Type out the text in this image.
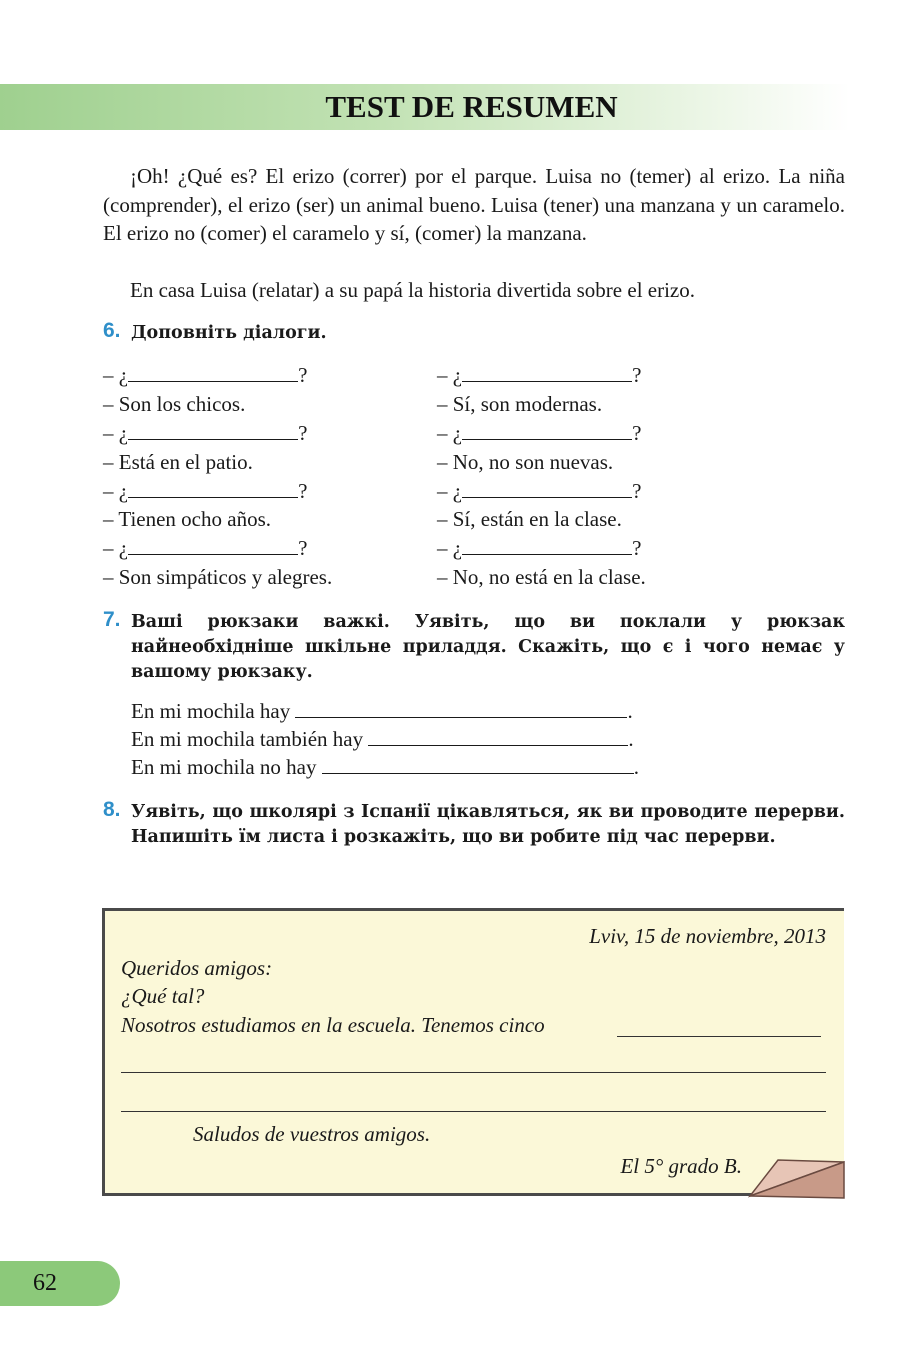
TEST DE RESUMEN

¡Oh! ¿Qué es? El erizo (correr) por el parque. Luisa no (temer) al erizo. La niña (comprender), el erizo (ser) un animal bueno. Luisa (tener) una manzana y un caramelo. El erizo no (comer) el caramelo y sí, (comer) la manzana.

En casa Luisa (relatar) a su papá la historia divertida sobre el erizo.

6. Доповніть діалоги.
– ¿	?
– Son los chicos.
– ¿	?
– Está en el patio.
– ¿	?
– Tienen ocho años.
– ¿	?
– Son simpáticos y alegres.
– ¿	?
– Sí, son modernas.
– ¿	?
– No, no son nuevas.
– ¿	?
– Sí, están en la clase.
– ¿	?
– No, no está en la clase.
7. Ваші рюкзаки важкі. Уявіть, що ви поклали у рюкзак найнеобхідніше шкільне приладдя. Скажіть, що є і чого немає у вашому рюкзаку.
En mi mochila hay	.
En mi mochila también hay	.
En mi mochila no hay	.
8. Уявіть, що школярі з Іспанії цікавляться, як ви проводите перерви. Напишіть їм листа і розкажіть, що ви робите під час перерви.
Lviv, 15 de noviembre, 2013
Queridos amigos:
¿Qué tal?
Nosotros estudiamos en la escuela. Tenemos cinco
Saludos de vuestros amigos.
El 5° grado B.
62
